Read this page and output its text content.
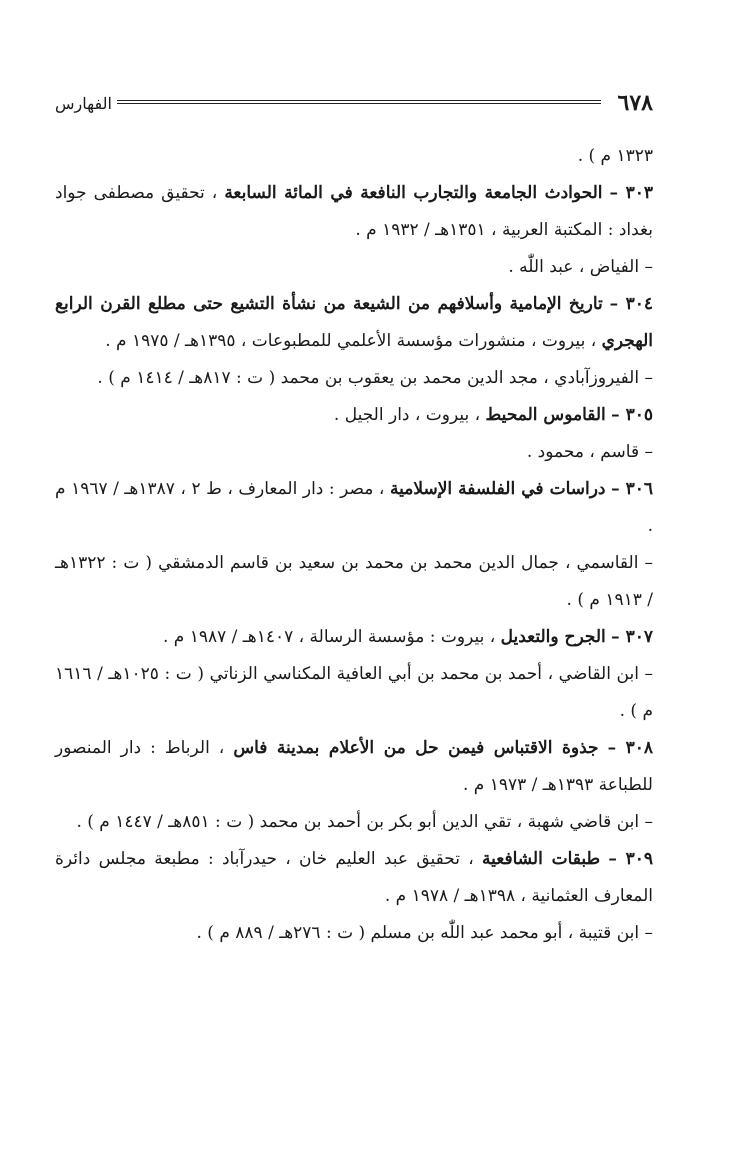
٦٧٨
الفهارس

١٣٢٣ م ) .

٣٠٣ – الحوادث الجامعة والتجارب النافعة في المائة السابعة ، تحقيق مصطفى جواد بغداد : المكتبة العربية ، ١٣٥١هـ / ١٩٣٢ م .

– الفياض ، عبد اللّٰه .

٣٠٤ – تاريخ الإمامية وأسلافهم من الشيعة من نشأة التشيع حتى مطلع القرن الرابع الهجري ، بيروت ، منشورات مؤسسة الأعلمي للمطبوعات ، ١٣٩٥هـ / ١٩٧٥ م .

– الفيروزآبادي ، مجد الدين محمد بن يعقوب بن محمد ( ت : ٨١٧هـ / ١٤١٤ م ) .

٣٠٥ – القاموس المحيط ، بيروت ، دار الجيل .

– قاسم ، محمود .

٣٠٦ – دراسات في الفلسفة الإسلامية ، مصر : دار المعارف ، ط ٢ ، ١٣٨٧هـ / ١٩٦٧ م .

– القاسمي ، جمال الدين محمد بن محمد بن سعيد بن قاسم الدمشقي ( ت : ١٣٢٢هـ / ١٩١٣ م ) .

٣٠٧ – الجرح والتعديل ، بيروت : مؤسسة الرسالة ، ١٤٠٧هـ / ١٩٨٧ م .

– ابن القاضي ، أحمد بن محمد بن أبي العافية المكناسي الزناتي ( ت : ١٠٢٥هـ / ١٦١٦ م ) .

٣٠٨ – جذوة الاقتباس فيمن حل من الأعلام بمدينة فاس ، الرباط : دار المنصور للطباعة ١٣٩٣هـ / ١٩٧٣ م .

– ابن قاضي شهبة ، تقي الدين أبو بكر بن أحمد بن محمد ( ت : ٨٥١هـ / ١٤٤٧ م ) .

٣٠٩ – طبقات الشافعية ، تحقيق عبد العليم خان ، حيدرآباد : مطبعة مجلس دائرة المعارف العثمانية ، ١٣٩٨هـ / ١٩٧٨ م .

– ابن قتيبة ، أبو محمد عبد اللّٰه بن مسلم ( ت : ٢٧٦هـ / ٨٨٩ م ) .
